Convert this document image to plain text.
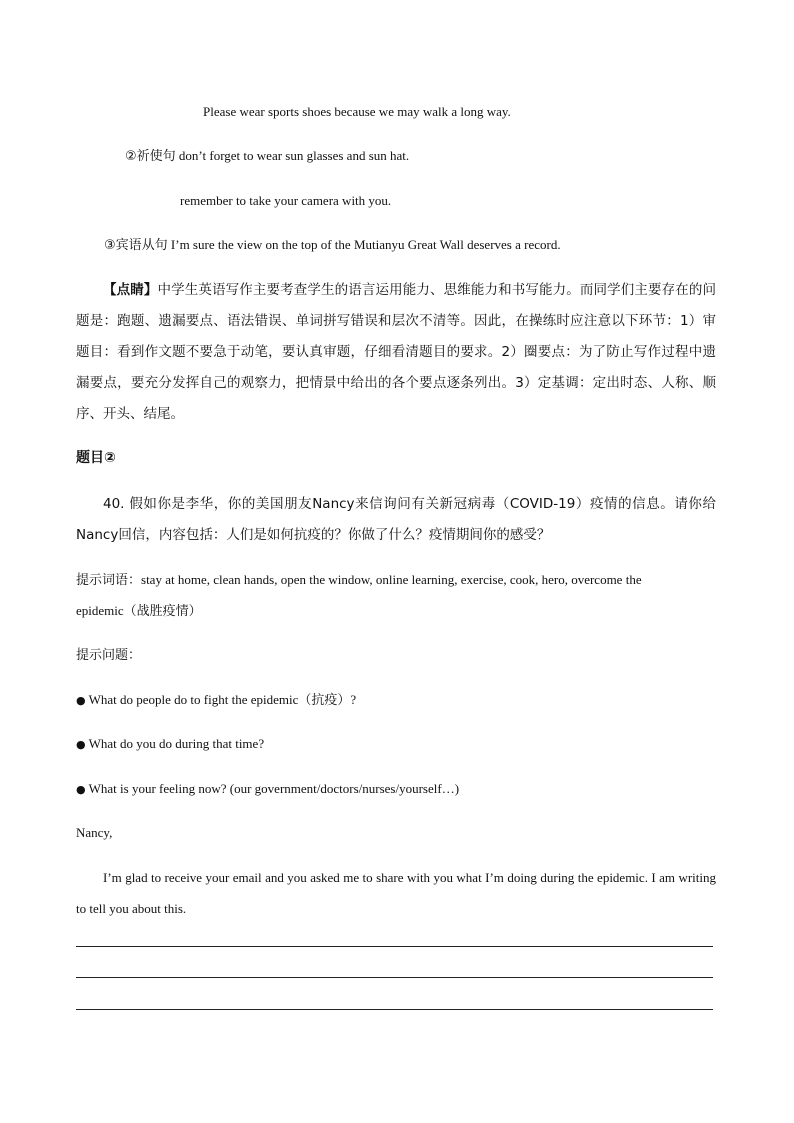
Please wear sports shoes because we may walk a long way.
②祈使句 don’t forget to wear sun glasses and sun hat.
remember to take your camera with you.
③宾语从句 I’m sure the view on the top of the Mutianyu Great Wall deserves a record.

【点睛】中学生英语写作主要考查学生的语言运用能力、思维能力和书写能力。而同学们主要存在的问题是：跑题、遗漏要点、语法错误、单词拼写错误和层次不清等。因此，在操练时应注意以下环节：1）审题目：看到作文题不要急于动笔，要认真审题，仔细看清题目的要求。2）圈要点：为了防止写作过程中遗漏要点，要充分发挥自己的观察力，把情景中给出的各个要点逐条列出。3）定基调：定出时态、人称、顺序、开头、结尾。

题目②

40. 假如你是李华，你的美国朋友Nancy来信询问有关新冠病毒（COVID-19）疫情的信息。请你给Nancy回信，内容包括：人们是如何抗疫的？你做了什么？疫情期间你的感受？

提示词语：stay at home, clean hands, open the window, online learning, exercise, cook, hero, overcome the
epidemic（战胜疫情）
提示问题：
● What do people do to fight the epidemic（抗疫）?
● What do you do during that time?
● What is your feeling now? (our government/doctors/nurses/yourself…)
Nancy,

I’m glad to receive your email and you asked me to share with you what I’m doing during the epidemic. I am writing to tell you about this.
